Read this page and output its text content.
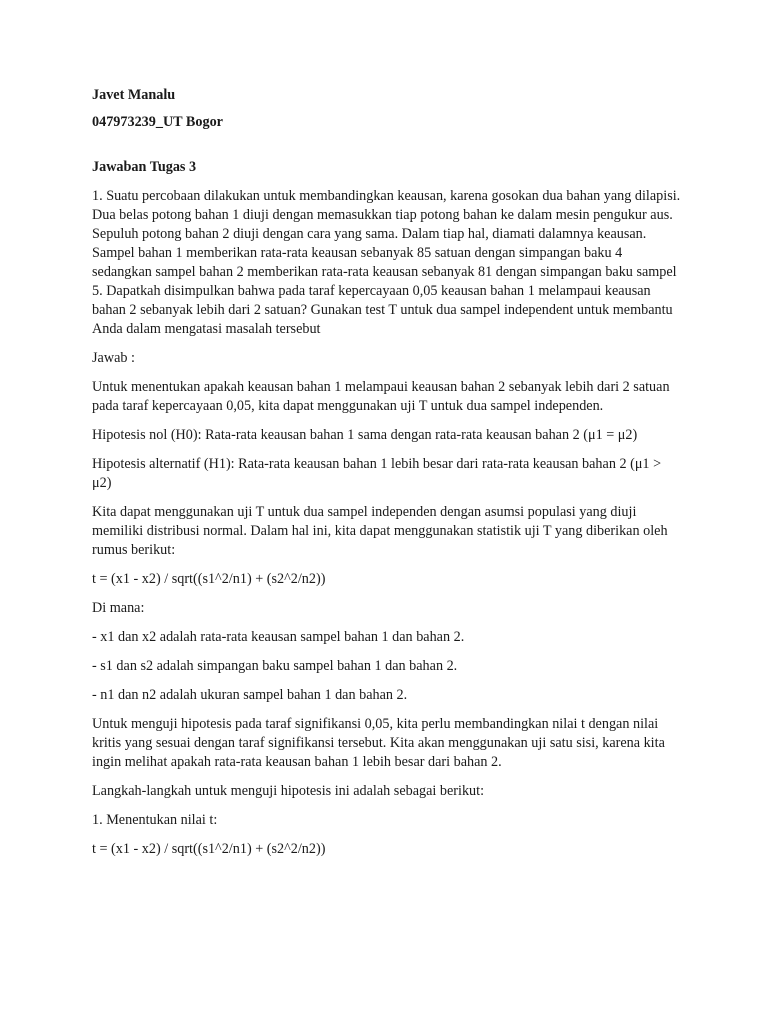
Javet Manalu

047973239_UT Bogor

Jawaban Tugas 3

1. Suatu percobaan dilakukan untuk membandingkan keausan, karena gosokan dua bahan yang dilapisi. Dua belas potong bahan 1 diuji dengan memasukkan tiap potong bahan ke dalam mesin pengukur aus. Sepuluh potong bahan 2 diuji dengan cara yang sama. Dalam tiap hal, diamati dalamnya keausan. Sampel bahan 1 memberikan rata-rata keausan sebanyak 85 satuan dengan simpangan baku 4 sedangkan sampel bahan 2 memberikan rata-rata keausan sebanyak 81 dengan simpangan baku sampel 5. Dapatkah disimpulkan bahwa pada taraf kepercayaan 0,05 keausan bahan 1 melampaui keausan bahan 2 sebanyak lebih dari 2 satuan? Gunakan test T untuk dua sampel independent untuk membantu Anda dalam mengatasi masalah tersebut

Jawab :

Untuk menentukan apakah keausan bahan 1 melampaui keausan bahan 2 sebanyak lebih dari 2 satuan pada taraf kepercayaan 0,05, kita dapat menggunakan uji T untuk dua sampel independen.

Hipotesis nol (H0): Rata-rata keausan bahan 1 sama dengan rata-rata keausan bahan 2 (μ1 = μ2)

Hipotesis alternatif (H1): Rata-rata keausan bahan 1 lebih besar dari rata-rata keausan bahan 2 (μ1 > μ2)

Kita dapat menggunakan uji T untuk dua sampel independen dengan asumsi populasi yang diuji memiliki distribusi normal. Dalam hal ini, kita dapat menggunakan statistik uji T yang diberikan oleh rumus berikut:

t = (x1 - x2) / sqrt((s1^2/n1) + (s2^2/n2))

Di mana:

- x1 dan x2 adalah rata-rata keausan sampel bahan 1 dan bahan 2.

- s1 dan s2 adalah simpangan baku sampel bahan 1 dan bahan 2.

- n1 dan n2 adalah ukuran sampel bahan 1 dan bahan 2.

Untuk menguji hipotesis pada taraf signifikansi 0,05, kita perlu membandingkan nilai t dengan nilai kritis yang sesuai dengan taraf signifikansi tersebut. Kita akan menggunakan uji satu sisi, karena kita ingin melihat apakah rata-rata keausan bahan 1 lebih besar dari bahan 2.

Langkah-langkah untuk menguji hipotesis ini adalah sebagai berikut:

1. Menentukan nilai t:

t = (x1 - x2) / sqrt((s1^2/n1) + (s2^2/n2))
